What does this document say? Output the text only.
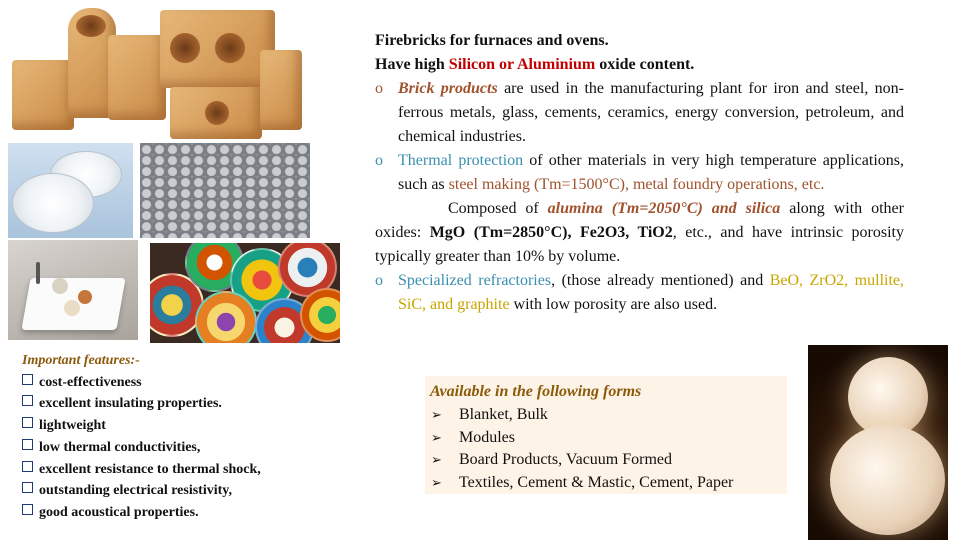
Firebricks for furnaces and ovens.
Have high Silicon or Aluminium oxide content.
o Brick products are used in the manufacturing plant for iron and steel, non-ferrous metals, glass, cements, ceramics, energy conversion, petroleum, and chemical industries.
o Thermal protection of other materials in very high temperature applications, such as steel making (Tm=1500°C), metal foundry operations, etc.
Composed of alumina (Tm=2050°C) and silica along with other oxides: MgO (Tm=2850°C), Fe2O3, TiO2, etc., and have intrinsic porosity typically greater than 10% by volume.
o Specialized refractories, (those already mentioned) and BeO, ZrO2, mullite, SiC, and graphite with low porosity are also used.
Important features:-
cost-effectiveness
excellent insulating properties.
lightweight
low thermal conductivities,
excellent resistance to thermal shock,
outstanding electrical resistivity,
good acoustical properties.
Available in the following forms
➢ Blanket, Bulk
➢ Modules
➢ Board Products, Vacuum Formed
➢ Textiles, Cement & Mastic, Cement, Paper
